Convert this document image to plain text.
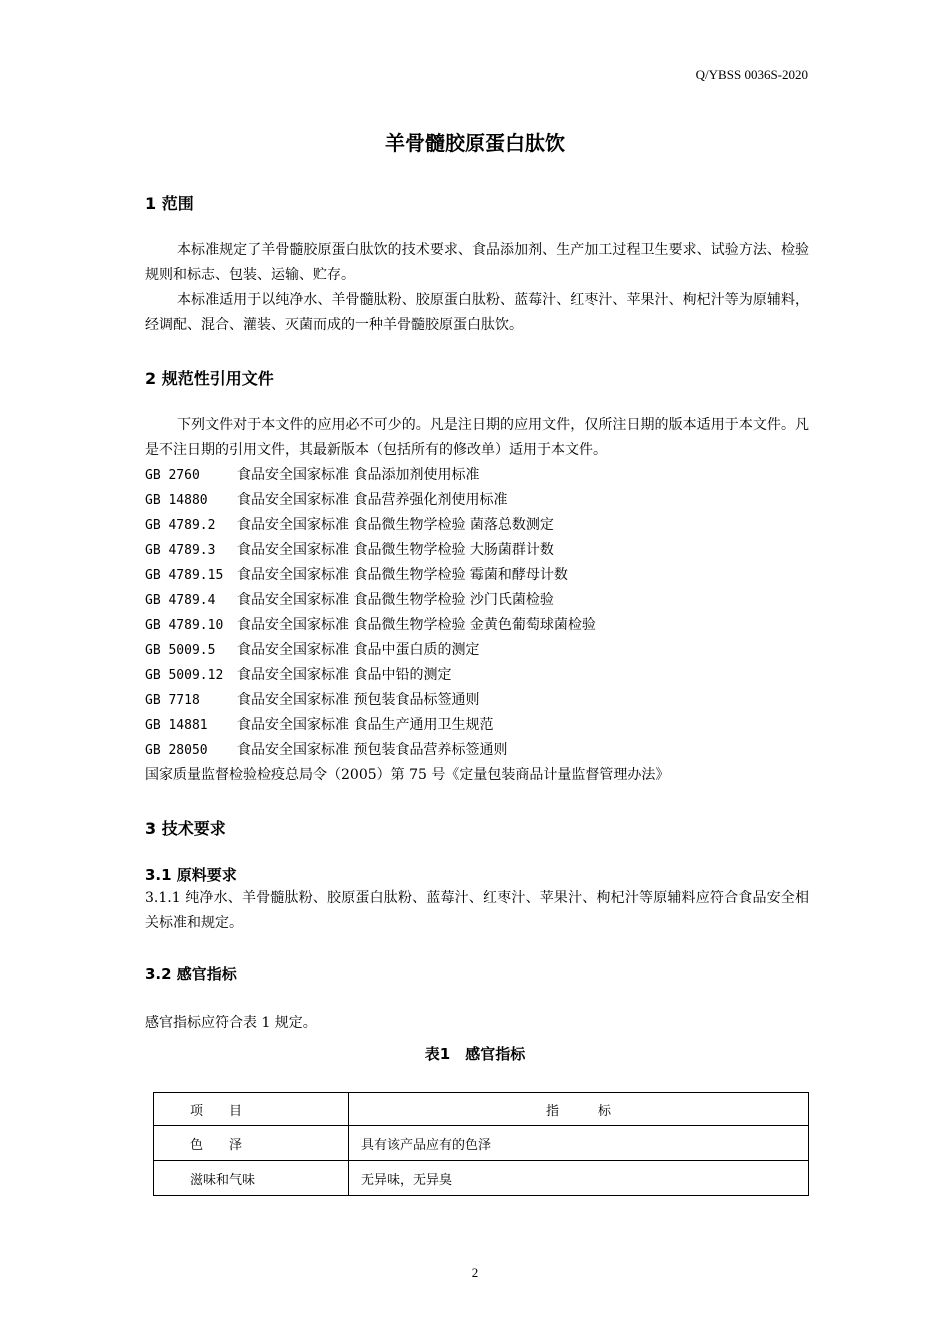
Q/YBSS 0036S-2020
羊骨髓胶原蛋白肽饮
1 范围
本标准规定了羊骨髓胶原蛋白肽饮的技术要求、食品添加剂、生产加工过程卫生要求、试验方法、检验规则和标志、包装、运输、贮存。
本标准适用于以纯净水、羊骨髓肽粉、胶原蛋白肽粉、蓝莓汁、红枣汁、苹果汁、枸杞汁等为原辅料，经调配、混合、灌装、灭菌而成的一种羊骨髓胶原蛋白肽饮。
2 规范性引用文件
下列文件对于本文件的应用必不可少的。凡是注日期的应用文件，仅所注日期的版本适用于本文件。凡是不注日期的引用文件，其最新版本（包括所有的修改单）适用于本文件。
GB 2760	食品安全国家标准 食品添加剂使用标准
GB 14880 食品安全国家标准 食品营养强化剂使用标准
GB 4789.2 食品安全国家标准 食品微生物学检验 菌落总数测定
GB 4789.3 食品安全国家标准 食品微生物学检验 大肠菌群计数
GB 4789.15 食品安全国家标准 食品微生物学检验 霉菌和酵母计数
GB 4789.4 食品安全国家标准 食品微生物学检验 沙门氏菌检验
GB 4789.10 食品安全国家标准 食品微生物学检验 金黄色葡萄球菌检验
GB 5009.5 食品安全国家标准 食品中蛋白质的测定
GB 5009.12 食品安全国家标准 食品中铅的测定
GB 7718	食品安全国家标准 预包装食品标签通则
GB 14881 食品安全国家标准 食品生产通用卫生规范
GB 28050 食品安全国家标准 预包装食品营养标签通则
国家质量监督检验检疫总局令（2005）第 75 号《定量包装商品计量监督管理办法》
3 技术要求
3.1 原料要求
3.1.1 纯净水、羊骨髓肽粉、胶原蛋白肽粉、蓝莓汁、红枣汁、苹果汁、枸杞汁等原辅料应符合食品安全相关标准和规定。
3.2 感官指标
感官指标应符合表 1 规定。
表1　感官指标
项　　目	指　　　标
色　　泽	具有该产品应有的色泽
滋味和气味	无异味，无异臭
2
